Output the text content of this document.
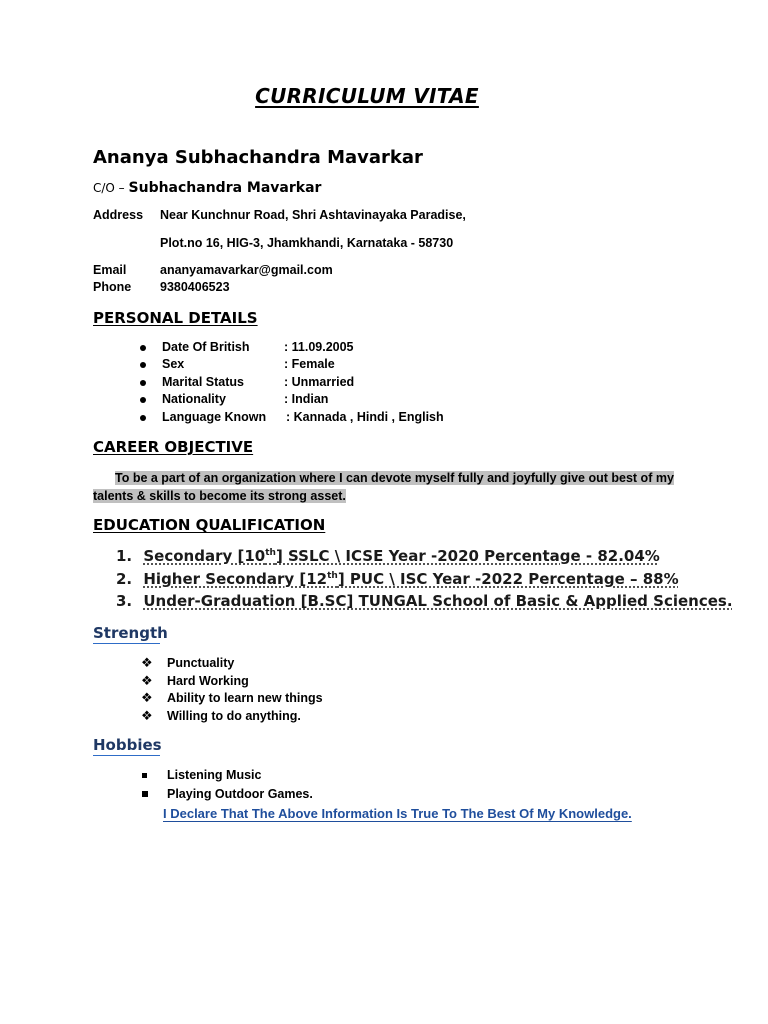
CURRICULUM VITAE
Ananya Subhachandra Mavarkar
C/O – Subhachandra Mavarkar
Address Near Kunchnur Road, Shri Ashtavinayaka Paradise,
Plot.no 16, HIG-3, Jhamkhandi, Karnataka - 58730
Email	ananyamavarkar@gmail.com
Phone 9380406523
PERSONAL DETAILS
Date Of British	: 11.09.2005
Sex	: Female
Marital Status	: Unmarried
Nationality	: Indian
Language Known : Kannada , Hindi , English
CAREER OBJECTIVE
To be a part of an organization where I can devote myself fully and joyfully give out best of my talents & skills to become its strong asset.
EDUCATION QUALIFICATION
1. Secondary [10th] SSLC \ ICSE Year -2020 Percentage - 82.04%
2. Higher Secondary [12th] PUC \ ISC Year -2022 Percentage – 88%
3. Under-Graduation [B.SC] TUNGAL School of Basic & Applied Sciences.
Strength
❖ Punctuality
❖ Hard Working
❖ Ability to learn new things
❖ Willing to do anything.
Hobbies
Listening Music
Playing Outdoor Games.
I Declare That The Above Information Is True To The Best Of My Knowledge.
